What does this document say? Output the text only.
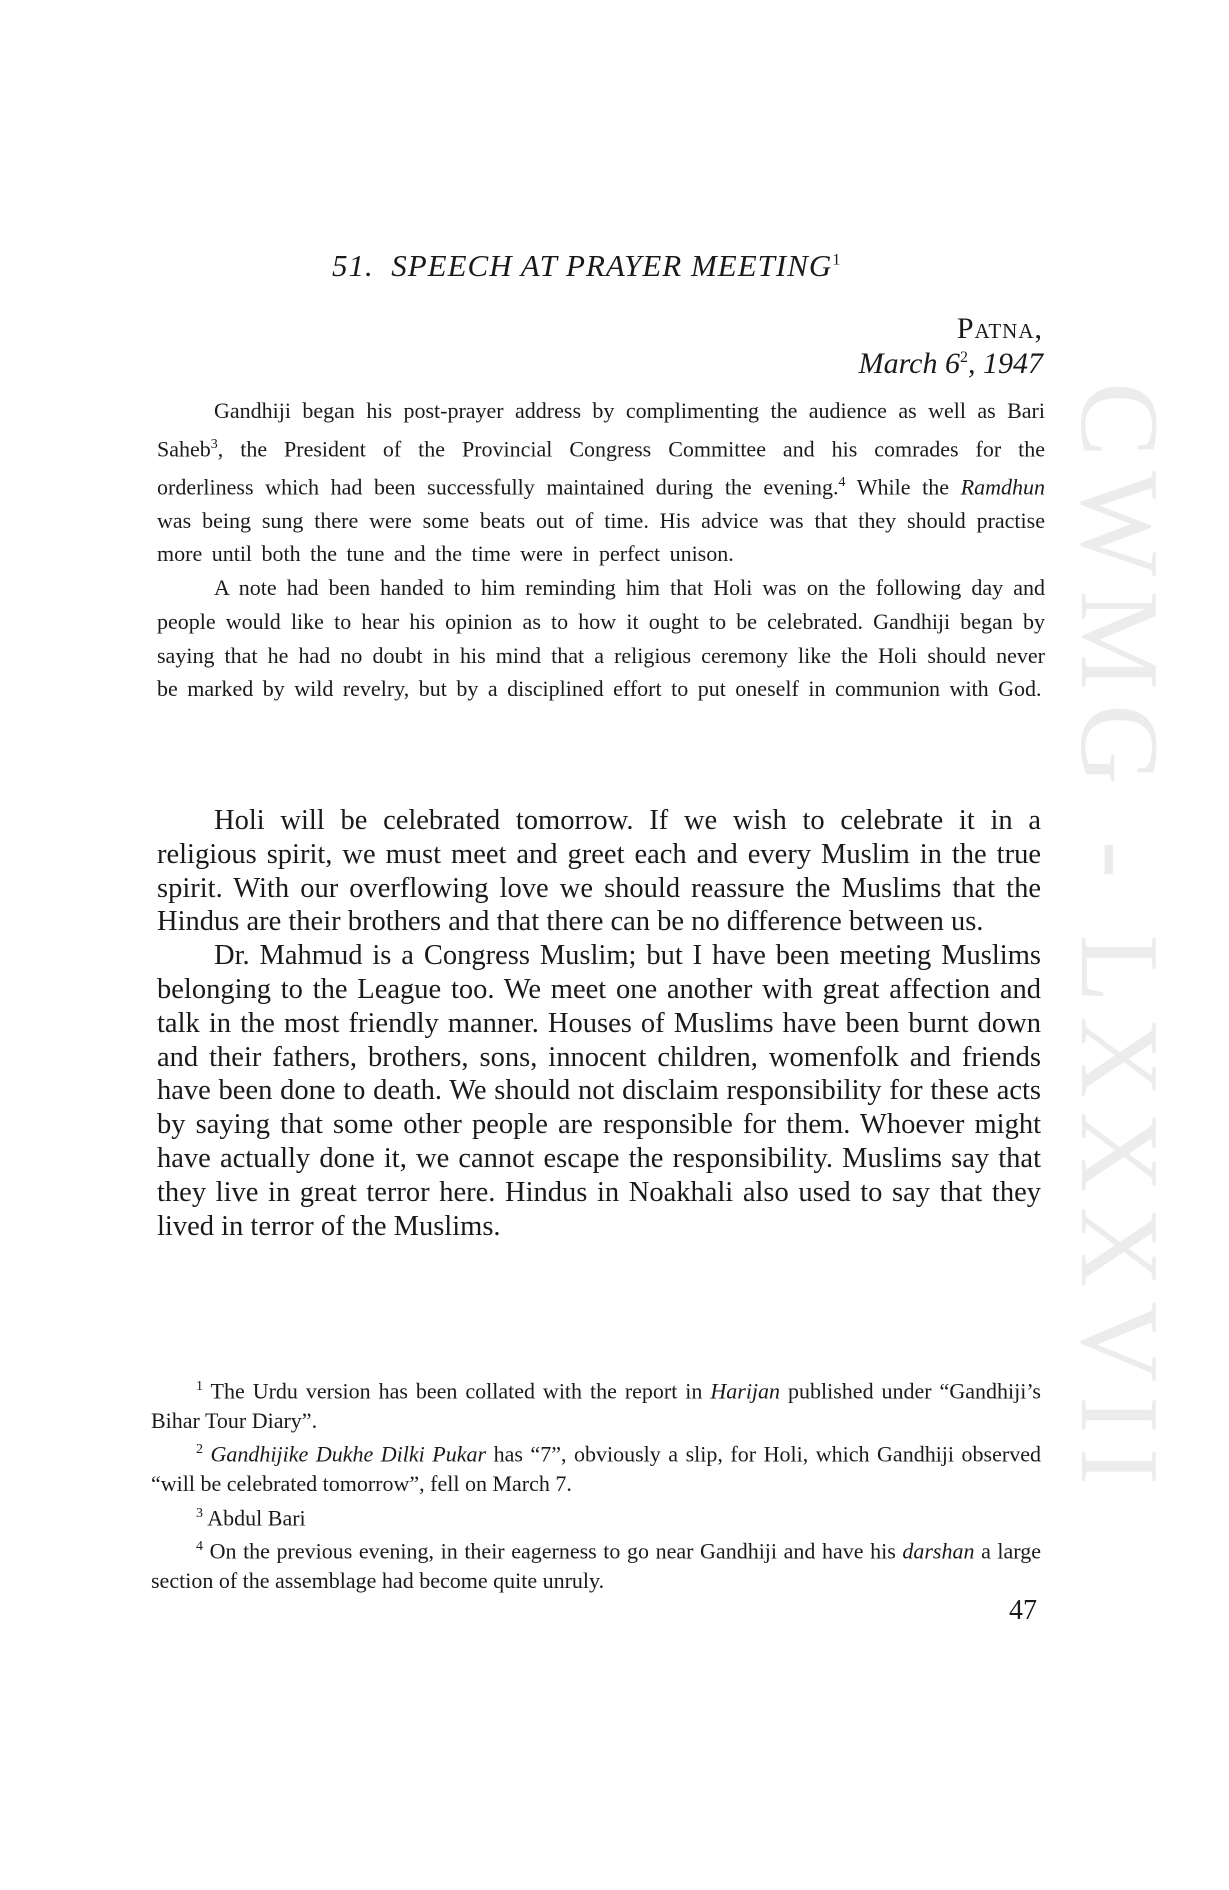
CWMG - LXXXVII
51. SPEECH AT PRAYER MEETING$^1$
Patna,
March $6^2$, 1947

Gandhiji began his post-prayer address by complimenting the audience as well as Bari Saheb$^3$, the President of the Provincial Congress Committee and his comrades for the orderliness which had been successfully maintained during the evening.$^4$ While the Ramdhun was being sung there were some beats out of time. His advice was that they should practise more until both the tune and the time were in perfect unison.

A note had been handed to him reminding him that Holi was on the following day and people would like to hear his opinion as to how it ought to be celebrated. Gandhiji began by saying that he had no doubt in his mind that a religious ceremony like the Holi should never be marked by wild revelry, but by a disciplined effort to put oneself in communion with God.

Holi will be celebrated tomorrow. If we wish to celebrate it in a religious spirit, we must meet and greet each and every Muslim in the true spirit. With our overflowing love we should reassure the Muslims that the Hindus are their brothers and that there can be no difference between us.

Dr. Mahmud is a Congress Muslim; but I have been meeting Muslims belonging to the League too. We meet one another with great affection and talk in the most friendly manner. Houses of Muslims have been burnt down and their fathers, brothers, sons, innocent children, womenfolk and friends have been done to death. We should not disclaim responsibility for these acts by saying that some other people are responsible for them. Whoever might have actually done it, we cannot escape the responsibility. Muslims say that they live in great terror here. Hindus in Noakhali also used to say that they lived in terror of the Muslims.

$^1$ The Urdu version has been collated with the report in Harijan published under “Gandhiji’s Bihar Tour Diary”.

$^2$ Gandhijike Dukhe Dilki Pukar has “7”, obviously a slip, for Holi, which Gandhiji observed “will be celebrated tomorrow”, fell on March 7.

$^3$ Abdul Bari

$^4$ On the previous evening, in their eagerness to go near Gandhiji and have his darshan a large section of the assemblage had become quite unruly.

47
